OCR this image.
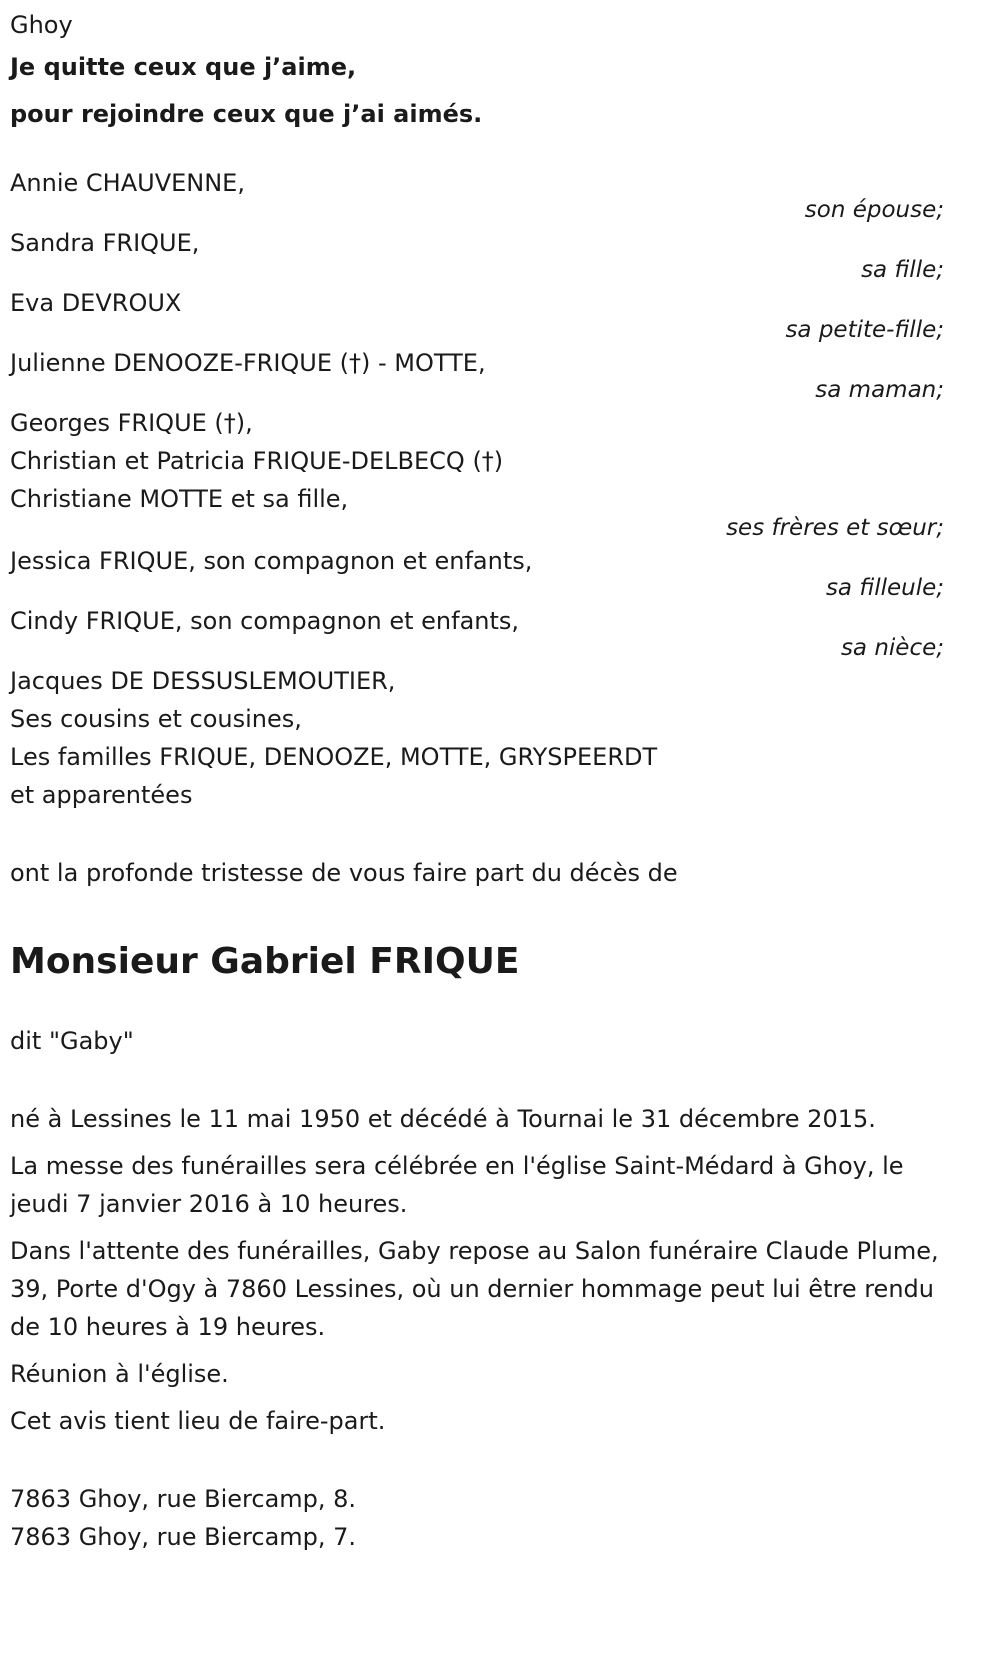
Ghoy

Je quitte ceux que j’aime,

pour rejoindre ceux que j’ai aimés.

Annie CHAUVENNE,

son épouse;

Sandra FRIQUE,

sa fille;

Eva DEVROUX

sa petite-fille;

Julienne DENOOZE-FRIQUE (†) - MOTTE,

sa maman;

Georges FRIQUE (†),

Christian et Patricia FRIQUE-DELBECQ (†)

Christiane MOTTE et sa fille,

ses frères et sœur;

Jessica FRIQUE, son compagnon et enfants,

sa filleule;

Cindy FRIQUE, son compagnon et enfants,

sa nièce;

Jacques DE DESSUSLEMOUTIER,

Ses cousins et cousines,

Les familles FRIQUE, DENOOZE, MOTTE, GRYSPEERDT

et apparentées

ont la profonde tristesse de vous faire part du décès de

Monsieur Gabriel FRIQUE

dit "Gaby"

né à Lessines le 11 mai 1950 et décédé à Tournai le 31 décembre 2015.

La messe des funérailles sera célébrée en l'église Saint-Médard à Ghoy, le jeudi 7 janvier 2016 à 10 heures.

Dans l'attente des funérailles, Gaby repose au Salon funéraire Claude Plume, 39, Porte d'Ogy à 7860 Lessines, où un dernier hommage peut lui être rendu de 10 heures à 19 heures.

Réunion à l'église.

Cet avis tient lieu de faire-part.

7863 Ghoy, rue Biercamp, 8.

7863 Ghoy, rue Biercamp, 7.
